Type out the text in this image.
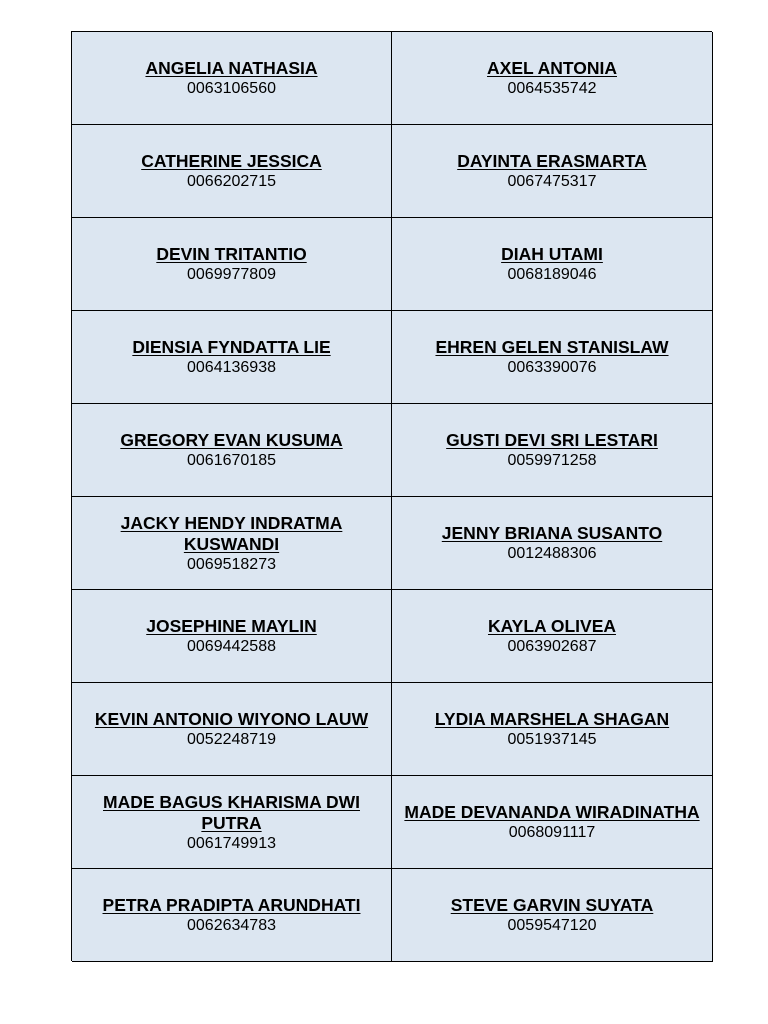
ANGELIA NATHASIA
0063106560
AXEL ANTONIA
0064535742
CATHERINE JESSICA
0066202715
DAYINTA ERASMARTA
0067475317
DEVIN TRITANTIO
0069977809
DIAH UTAMI
0068189046
DIENSIA FYNDATTA LIE
0064136938
EHREN GELEN STANISLAW
0063390076
GREGORY EVAN KUSUMA
0061670185
GUSTI DEVI SRI LESTARI
0059971258
JACKY HENDY INDRATMA KUSWANDI
0069518273
JENNY BRIANA SUSANTO
0012488306
JOSEPHINE MAYLIN
0069442588
KAYLA OLIVEA
0063902687
KEVIN ANTONIO WIYONO LAUW
0052248719
LYDIA MARSHELA SHAGAN
0051937145
MADE BAGUS KHARISMA DWI PUTRA
0061749913
MADE DEVANANDA WIRADINATHA
0068091117
PETRA PRADIPTA ARUNDHATI
0062634783
STEVE GARVIN SUYATA
0059547120
